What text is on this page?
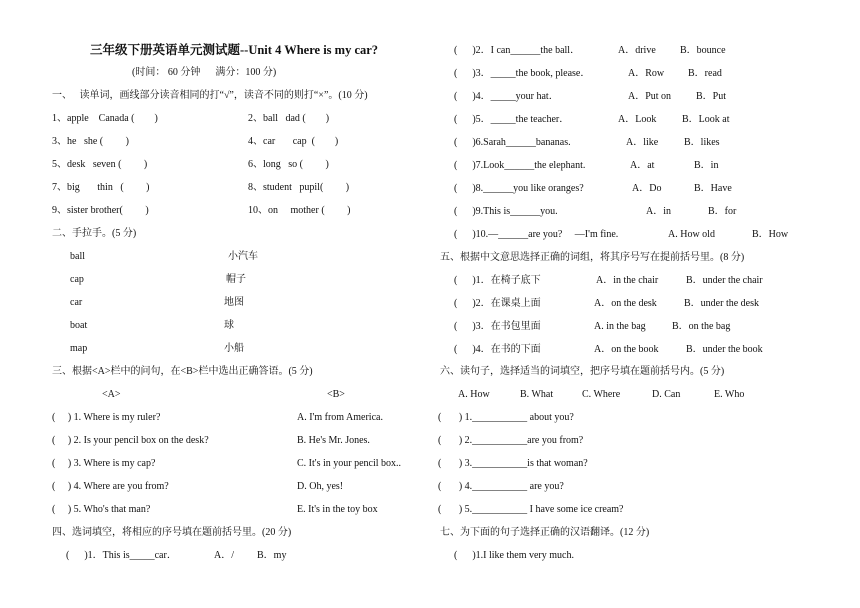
三年级下册英语单元测试题--Unit 4 Where is my car?
(时间： 60 分钟      满分：100 分)
一、   读单词，画线部分读音相同的打“√”，读音不同的则打“×”。(10 分)
1、apple    Canada (        )	2、ball   dad (        )
3、he   she (         )	4、car       cap  (        )
5、desk   seven (         )	6、long   so (         )
7、big       thin   (         )	8、student   pupil(         )
9、sister brother(         )	10、on     mother (         )
二、手拉手。(5 分)
ball	小汽车
cap	帽子
car	地图
boat	球
map	小船
三、根据<A>栏中的问句，在<B>栏中选出正确答语。(5 分)
<A>	<B>
(     ) 1. Where is my ruler?	A. I'm from America.
(     ) 2. Is your pencil box on the desk?	B. He's Mr. Jones.
(     ) 3. Where is my cap?	C. It's in your pencil box..
(     ) 4. Where are you from?	D. Oh, yes!
(     ) 5. Who's that man?	E. It's in the toy box
四、选词填空，将相应的序号填在题前括号里。(20 分)
(      )1．This is_____car．	A．/ B．my
(      )2．I can______the ball．	A．drive B．bounce
(      )3．_____the book, please．	A．Row B．read
(      )4．_____your hat．	A．Put on B．Put
(      )5．_____the teacher．	A．Look	B．Look at
(      )6.Sarah______bananas.	A．like	B．likes
(      )7.Look______the elephant.	A．at	B．in
(      )8.______you like oranges?	A．Do	B．Have
(      )9.This is______you.	A．in	B．for
(      )10.—______are you?     —I'm fine.	A. How old	B．How
五、根据中文意思选择正确的词组，将其序号写在提前括号里。(8 分)
(      )1．在椅子底下	A．in the chair	B．under the chair
(      )2．在课桌上面	A．on the desk	B．under the desk
(      )3．在书包里面	A. in the bag	B．on the bag
(      )4．在书的下面	A．on the book	B．under the book
六、读句子，选择适当的词填空，把序号填在题前括号内。(5 分)
A. How	B. What	C. Where	D. Can	E. Who
(       ) 1.___________ about you?
(       ) 2.___________are you from?
(       ) 3.___________is that woman?
(       ) 4.___________ are you?
(       ) 5.___________ I have some ice cream?
七、为下面的句子选择正确的汉语翻译。(12 分)
(      )1.I like them very much.
